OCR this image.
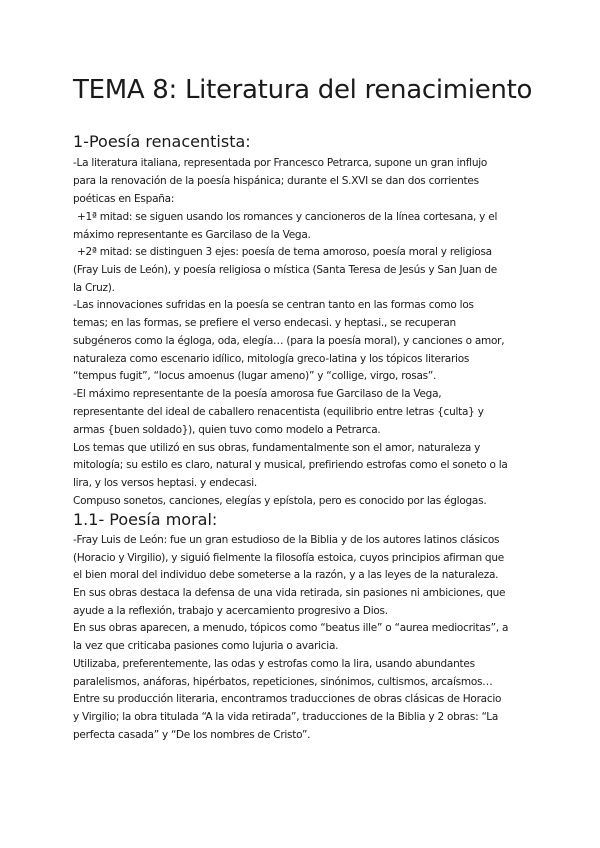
TEMA 8: Literatura del renacimiento
1-Poesía renacentista:
-La literatura italiana, representada por Francesco Petrarca, supone un gran influjo
para la renovación de la poesía hispánica; durante el S.XVI se dan dos corrientes
poéticas en España:
+1ª mitad: se siguen usando los romances y cancioneros de la línea cortesana, y el
máximo representante es Garcilaso de la Vega.
+2ª mitad: se distinguen 3 ejes: poesía de tema amoroso, poesía moral y religiosa
(Fray Luis de León), y poesía religiosa o mística (Santa Teresa de Jesús y San Juan de
la Cruz).
-Las innovaciones sufridas en la poesía se centran tanto en las formas como los
temas; en las formas, se prefiere el verso endecasi. y heptasi., se recuperan
subgéneros como la égloga, oda, elegía… (para la poesía moral), y canciones o amor,
naturaleza como escenario idílico, mitología greco-latina y los tópicos literarios
“tempus fugit”, “locus amoenus (lugar ameno)” y “collige, virgo, rosas”.
-El máximo representante de la poesía amorosa fue Garcilaso de la Vega,
representante del ideal de caballero renacentista (equilibrio entre letras {culta} y
armas {buen soldado}), quien tuvo como modelo a Petrarca.
Los temas que utilizó en sus obras, fundamentalmente son el amor, naturaleza y
mitología; su estilo es claro, natural y musical, prefiriendo estrofas como el soneto o la
lira, y los versos heptasi. y endecasi.
Compuso sonetos, canciones, elegías y epístola, pero es conocido por las églogas.
1.1- Poesía moral:
-Fray Luis de León: fue un gran estudioso de la Biblia y de los autores latinos clásicos
(Horacio y Virgilio), y siguió fielmente la filosofía estoica, cuyos principios afirman que
el bien moral del individuo debe someterse a la razón, y a las leyes de la naturaleza.
En sus obras destaca la defensa de una vida retirada, sin pasiones ni ambiciones, que
ayude a la reflexión, trabajo y acercamiento progresivo a Dios.
En sus obras aparecen, a menudo, tópicos como “beatus ille” o “aurea mediocritas”, a
la vez que criticaba pasiones como lujuria o avaricia.
Utilizaba, preferentemente, las odas y estrofas como la lira, usando abundantes
paralelismos, anáforas, hipérbatos, repeticiones, sinónimos, cultismos, arcaísmos…
Entre su producción literaria, encontramos traducciones de obras clásicas de Horacio
y Virgilio; la obra titulada “A la vida retirada”, traducciones de la Biblia y 2 obras: “La
perfecta casada” y “De los nombres de Cristo”.
